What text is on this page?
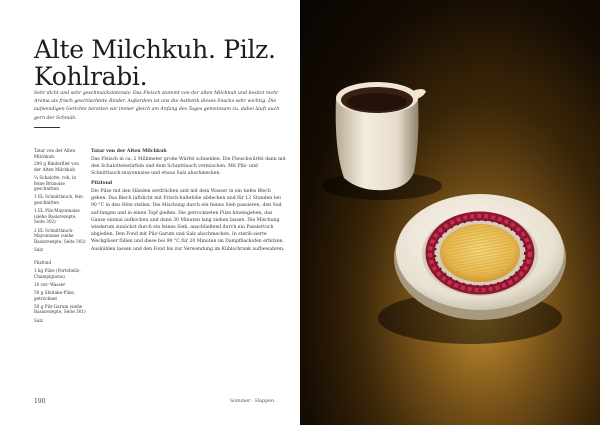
Alte Milchkuh. Pilz. Kohlrabi.

Sehr dicht und sehr geschmacksintensiv. Das Fleisch stammt von der alten Milchkuh und besitzt mehr Aroma als frisch geschlachtete Rinder. Außerdem ist uns die Asthetik dieses Snacks sehr wichtig. Die aufwendigen Gerichte bereiten wir immer gleich am Anfang des Tages gemeinsam zu, dabei läuft auch gern der Schmäh.

Tatar von der Alten Milchkuh
200 g Rinderfilet von der Alten Milchkuh
¼ Schalotte, roh, in feine Brunoise geschnitten
1 EL Schnittlauch, fein geschnitten
1 EL Pilz-Mayonnaise (siehe Basisrezepte, Seite 302)
2 EL Schnittlauch-Mayonnaise (siehe Basisrezepte, Seite 302)
Salz
Pilzfond
1 kg Pilze (Portobello, Champignons)
10 cm³ Wasser
50 g Shiitake-Pilze, getrocknet
50 g Pilz-Garum (siehe Basisrezepte, Seite 301)
Salz
Tatar von der Alten Milchkuh
Das Fleisch in ca. 2 Millimeter große Würfel schneiden. Die Fleischwürfel dann mit den Schalottenwürfeln und dem Schnittlauch vermischen. Mit Pilz- und Schnittlauch-mayonnaise und etwas Salz abschmecken.
Pilzfond
Die Pilze mit den Händen zerdrücken und mit dem Wasser in ein tiefes Blech geben. Das Blech luftdicht mit Frisch-haltefolie abdecken und für 12 Stunden bei 90 °C in den Ofen stellen. Die Mischung durch ein feines Sieb passieren, den Sud auf-fangen und in einen Topf gießen. Die getrockneten Pilze hineingeben, das Ganze einmal aufkochen und dann 30 Minuten lang ziehen lassen. Die Mischung wiederum zunächst durch ein feines Sieb, anschließend durch ein Passiertuch abgießen. Den Fond mit Pilz-Garum und Salz abschmecken. In sterili-sierte Weckgläser füllen und diese bei 90 °C für 20 Minuten im Dampfbackofen erhitzen. Auskühlen lassen und den Fond bis zur Verwendung im Kühlschrank aufbewahren.
190	Sommer · Happen
